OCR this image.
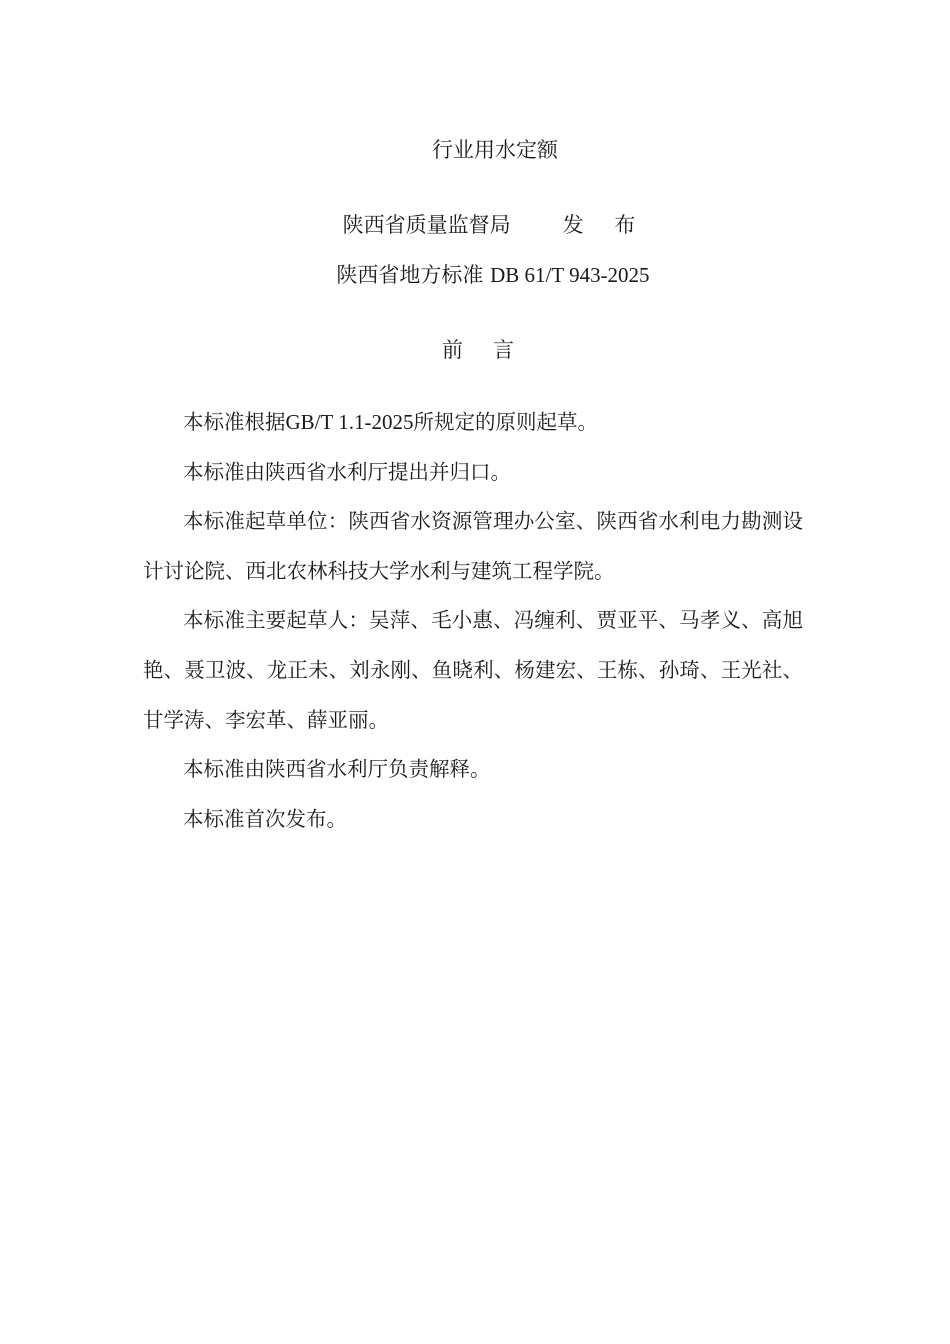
行业用水定额
陕西省质量监督局 发 布
陕西省地方标准 DB 61/T 943-2025
前言

本标准根据GB/T 1.1-2025所规定的原则起草。

本标准由陕西省水利厅提出并归口。

本标准起草单位：陕西省水资源管理办公室、陕西省水利电力勘测设计讨论院、西北农林科技大学水利与建筑工程学院。

本标准主要起草人：吴萍、毛小惠、冯缠利、贾亚平、马孝义、高旭艳、聂卫波、龙正未、刘永刚、鱼晓利、杨建宏、王栋、孙琦、王光社、甘学涛、李宏革、薛亚丽。

本标准由陕西省水利厅负责解释。

本标准首次发布。
